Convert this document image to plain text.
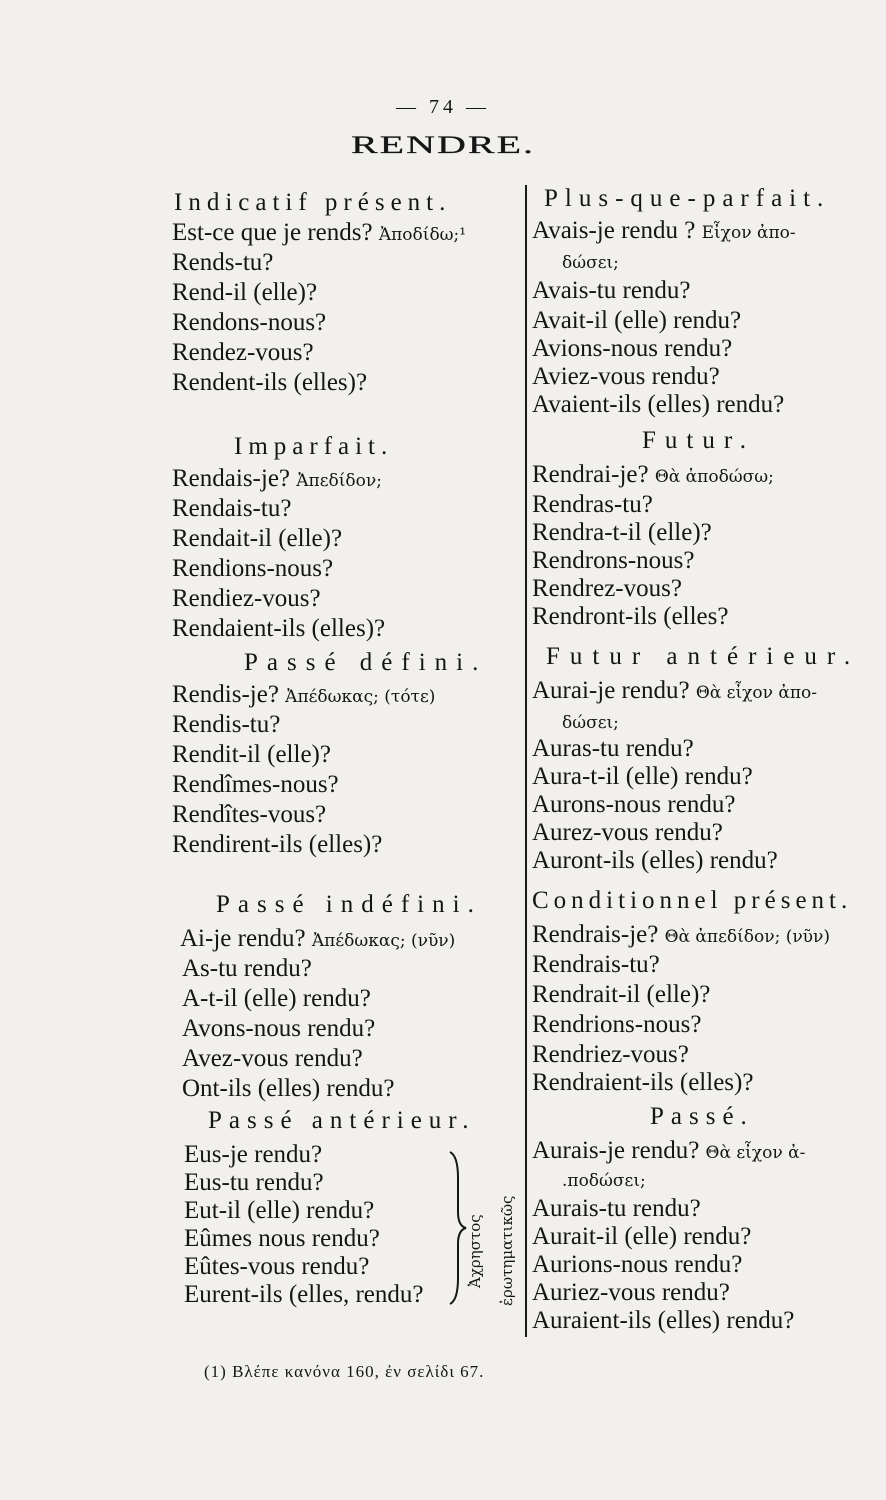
— 74 —
RENDRE.
Indicatif présent.
Est-ce que je rends? Ἀποδίδω;¹
Rends-tu?
Rend-il (elle)?
Rendons-nous?
Rendez-vous?
Rendent-ils (elles)?
Imparfait.
Rendais-je? Ἀπεδίδον;
Rendais-tu?
Rendait-il (elle)?
Rendions-nous?
Rendiez-vous?
Rendaient-ils (elles)?
Passé défini.
Rendis-je? Ἀπέδωκας; (τότε)
Rendis-tu?
Rendit-il (elle)?
Rendîmes-nous?
Rendîtes-vous?
Rendirent-ils (elles)?
Passé indéfini.
Ai-je rendu? Ἀπέδωκας; (νῦν)
As-tu rendu?
A-t-il (elle) rendu?
Avons-nous rendu?
Avez-vous rendu?
Ont-ils (elles) rendu?
Passé antérieur.
Eus-je rendu?
Eus-tu rendu?
Eut-il (elle) rendu?
Eûmes nous rendu?
Eûtes-vous rendu?
Eurent-ils (elles, rendu?
Ἀχρηστος ἐρωτηματικῶς
Plus-que-parfait.
Avais-je rendu ? Εἶχον ἀπο-
δώσει;
Avais-tu rendu?
Avait-il (elle) rendu?
Avions-nous rendu?
Aviez-vous rendu?
Avaient-ils (elles) rendu?
Futur.
Rendrai-je? Θὰ ἀποδώσω;
Rendras-tu?
Rendra-t-il (elle)?
Rendrons-nous?
Rendrez-vous?
Rendront-ils (elles?
Futur antérieur.
Aurai-je rendu? Θὰ εἶχον ἀπο-
δώσει;
Auras-tu rendu?
Aura-t-il (elle) rendu?
Aurons-nous rendu?
Aurez-vous rendu?
Auront-ils (elles) rendu?
Conditionnel présent.
Rendrais-je? Θὰ ἀπεδίδον; (νῦν)
Rendrais-tu?
Rendrait-il (elle)?
Rendrions-nous?
Rendriez-vous?
Rendraient-ils (elles)?
Passé.
Aurais-je rendu? Θὰ εἶχον ἀ-
.ποδώσει;
Aurais-tu rendu?
Aurait-il (elle) rendu?
Aurions-nous rendu?
Auriez-vous rendu?
Auraient-ils (elles) rendu?
(1) Βλέπε κανόνα 160, ἐν σελίδι 67.
